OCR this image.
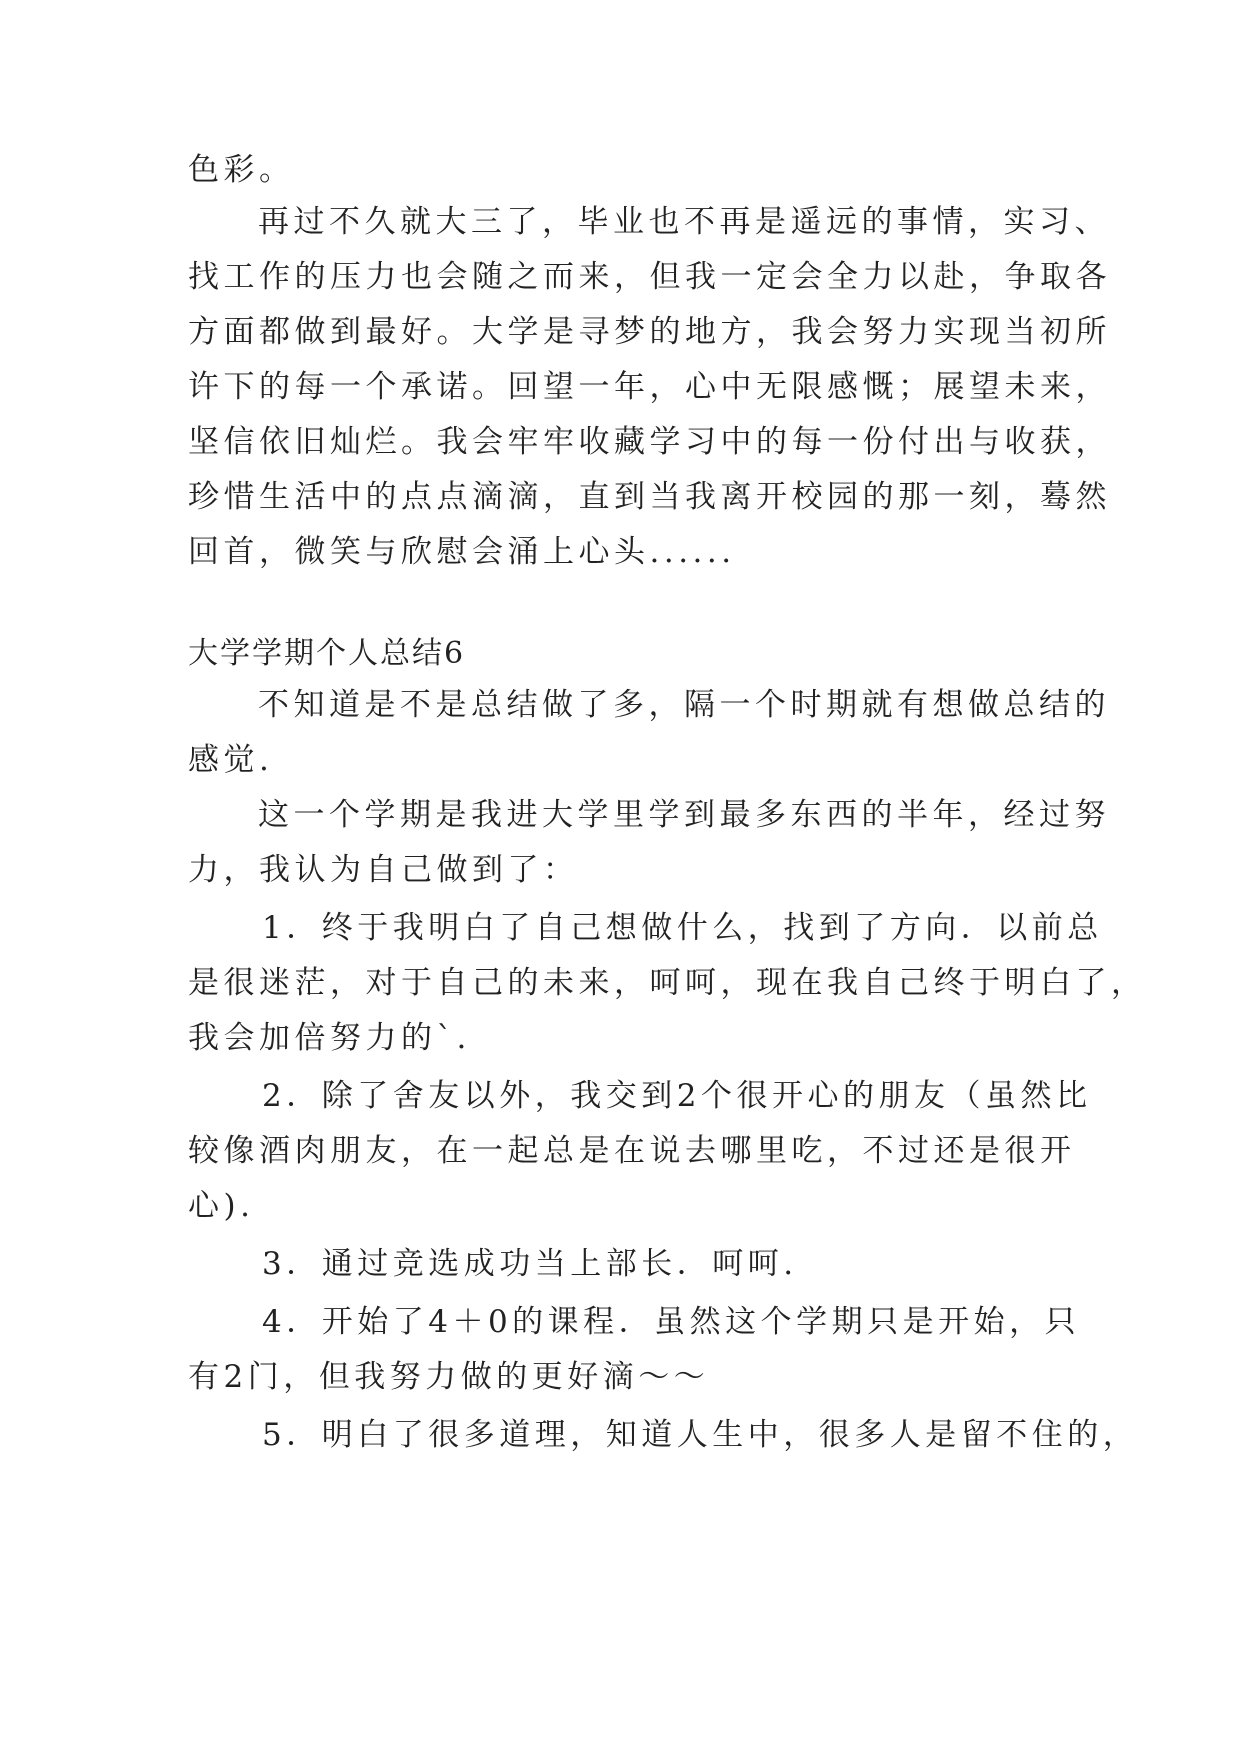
色彩。
再过不久就大三了，毕业也不再是遥远的事情，实习、
找工作的压力也会随之而来，但我一定会全力以赴，争取各
方面都做到最好。大学是寻梦的地方，我会努力实现当初所
许下的每一个承诺。回望一年，心中无限感慨；展望未来，
坚信依旧灿烂。我会牢牢收藏学习中的每一份付出与收获，
珍惜生活中的点点滴滴，直到当我离开校园的那一刻，蓦然
回首，微笑与欣慰会涌上心头......
大学学期个人总结6
不知道是不是总结做了多，隔一个时期就有想做总结的
感觉.
这一个学期是我进大学里学到最多东西的半年，经过努
力，我认为自己做到了：
1．终于我明白了自己想做什么，找到了方向．以前总
是很迷茫，对于自己的未来，呵呵，现在我自己终于明白了，
我会加倍努力的`.
2．除了舍友以外，我交到2个很开心的朋友（虽然比
较像酒肉朋友，在一起总是在说去哪里吃，不过还是很开
心).
3．通过竞选成功当上部长．呵呵.
4．开始了4＋0的课程．虽然这个学期只是开始，只
有2门，但我努力做的更好滴～～
5．明白了很多道理，知道人生中，很多人是留不住的，
